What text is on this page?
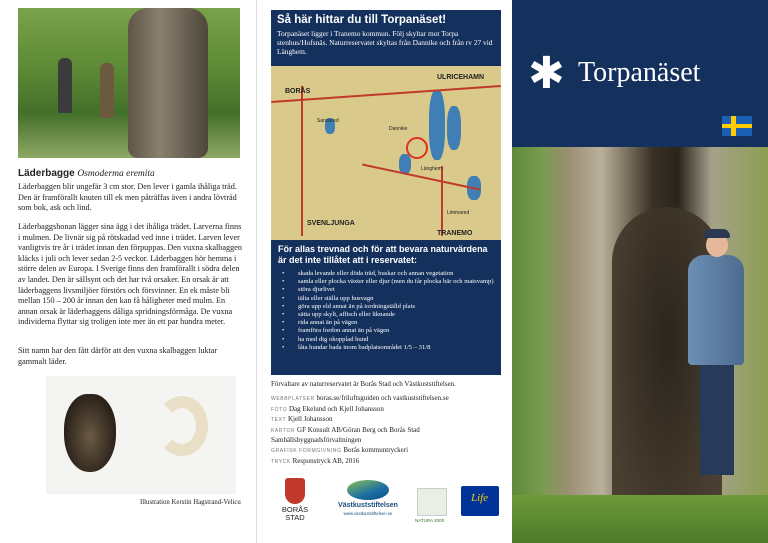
Läderbagge Osmoderma eremita

Läderbaggen blir ungefär 3 cm stor. Den lever i gamla ihåliga träd. Den är framförallt knuten till ek men påträffas även i andra lövträd som bok, ask och lind.

Läderbaggshonan lägger sina ägg i det ihåliga trädet. Larverna finns i mulmen. De livnär sig på rötskadad ved inne i trädet. Larven lever vanligtvis tre år i trädet innan den förpuppas. Den vuxna skalbaggen kläcks i juli och lever sedan 2-5 veckor. Läderbaggen hör hemma i större delen av Europa. I Sverige finns den framförallt i södra delen av landet. Den är sällsynt och det har två orsaker. En orsak är att läderbaggens livsmiljöer förstörs och försvinner. En ek måste bli mellan 150 – 200 år innan den kan få håligheter med mulm. En annan orsak är läderbaggens dåliga spridningsförmåga. De vuxna individerna flyttar sig troligen inte mer än ett par hundra meter.

Sitt namn har den fått därför att den vuxna skalbaggen luktar gammalt läder.

Illustration Kerstin Hagstrand-Velicu
Så här hittar du till Torpanäset!

Torpanäset ligger i Tranemo kommun. Följ skyltar mot Torpa stenhus/Hofsnäs. Naturreservatet skyltas från Dannike och från rv 27 vid Länghem.

ULRICEHAMN
BORÅS
SVENLJUNGA
TRANEMO
Dannike
Länghem
Sandared
Limmared
För allas trevnad och för att bevara naturvärdena är det inte tillåtet att i reservatet:
• skada levande eller döda träd, buskar och annan vegetation
• samla eller plocka växter eller djur (men du får plocka bär och matsvamp)
• störa djurlivet
• tälta eller ställa upp husvagn
• göra upp eld annat än på iordningställd plats
• sätta upp skylt, affisch eller liknande
• rida annat än på vägen
• framföra fordon annat än på vägen
• ha med dig okopplad hund
• låta hundar bada inom badplatsområdet 1/5 – 31/8
Förvaltare av naturreservatet är Borås Stad och Västkuststiftelsen.
WEBBPLATSER boras.se/friluftsguiden och vastkuststiftelsen.se
FOTO Dag Ekelund och Kjell Johansson
TEXT Kjell Johansson
KARTOR GF Konsult AB/Göran Berg och Borås Stad Samhällsbyggnadsförvaltningen
GRAFISK FORMGIVNING Borås kommuntryckeri
TRYCK Responstryck AB, 2016
BORÅS STAD
Västkuststiftelsen
www.vastkuststiftelsen.se
NATURA 2000
Life
✱ Torpanäset
